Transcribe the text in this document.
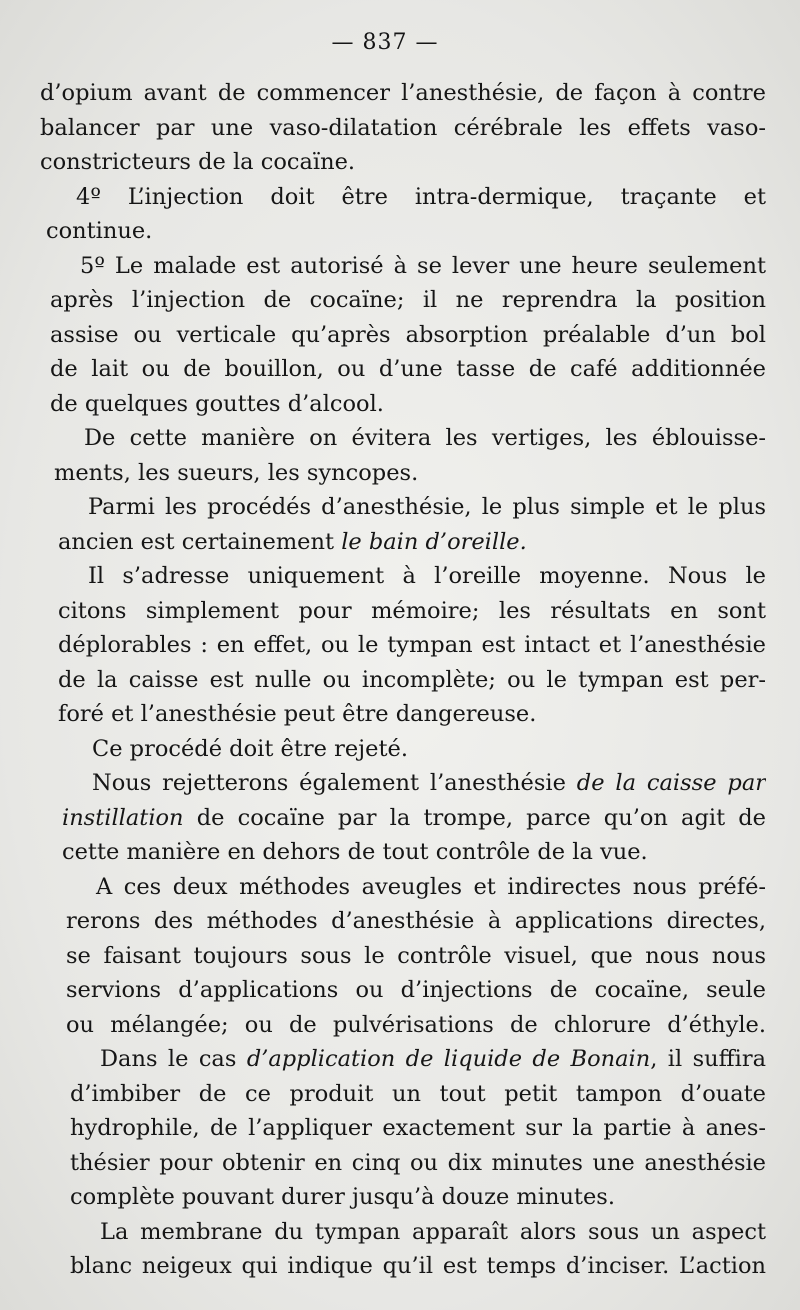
— 837 —
d’opium avant de commencer l’anesthésie, de façon à contre
balancer par une vaso-dilatation cérébrale les effets vaso-
constricteurs de la cocaïne.
4º L’injection doit être intra-dermique, traçante et
continue.
5º Le malade est autorisé à se lever une heure seulement
après l’injection de cocaïne; il ne reprendra la position
assise ou verticale qu’après absorption préalable d’un bol
de lait ou de bouillon, ou d’une tasse de café additionnée
de quelques gouttes d’alcool.
De cette manière on évitera les vertiges, les éblouisse-
ments, les sueurs, les syncopes.
Parmi les procédés d’anesthésie, le plus simple et le plus
ancien est certainement le bain d’oreille.
Il s’adresse uniquement à l’oreille moyenne. Nous le
citons simplement pour mémoire; les résultats en sont
déplorables : en effet, ou le tympan est intact et l’anesthésie
de la caisse est nulle ou incomplète; ou le tympan est per-
foré et l’anesthésie peut être dangereuse.
Ce procédé doit être rejeté.
Nous rejetterons également l’anesthésie de la caisse par
instillation de cocaïne par la trompe, parce qu’on agit de
cette manière en dehors de tout contrôle de la vue.
A ces deux méthodes aveugles et indirectes nous préfé-
rerons des méthodes d’anesthésie à applications directes,
se faisant toujours sous le contrôle visuel, que nous nous
servions d’applications ou d’injections de cocaïne, seule
ou mélangée; ou de pulvérisations de chlorure d’éthyle.
Dans le cas d’application de liquide de Bonain, il suffira
d’imbiber de ce produit un tout petit tampon d’ouate
hydrophile, de l’appliquer exactement sur la partie à anes-
thésier pour obtenir en cinq ou dix minutes une anesthésie
complète pouvant durer jusqu’à douze minutes.
La membrane du tympan apparaît alors sous un aspect
blanc neigeux qui indique qu’il est temps d’inciser. L’action
